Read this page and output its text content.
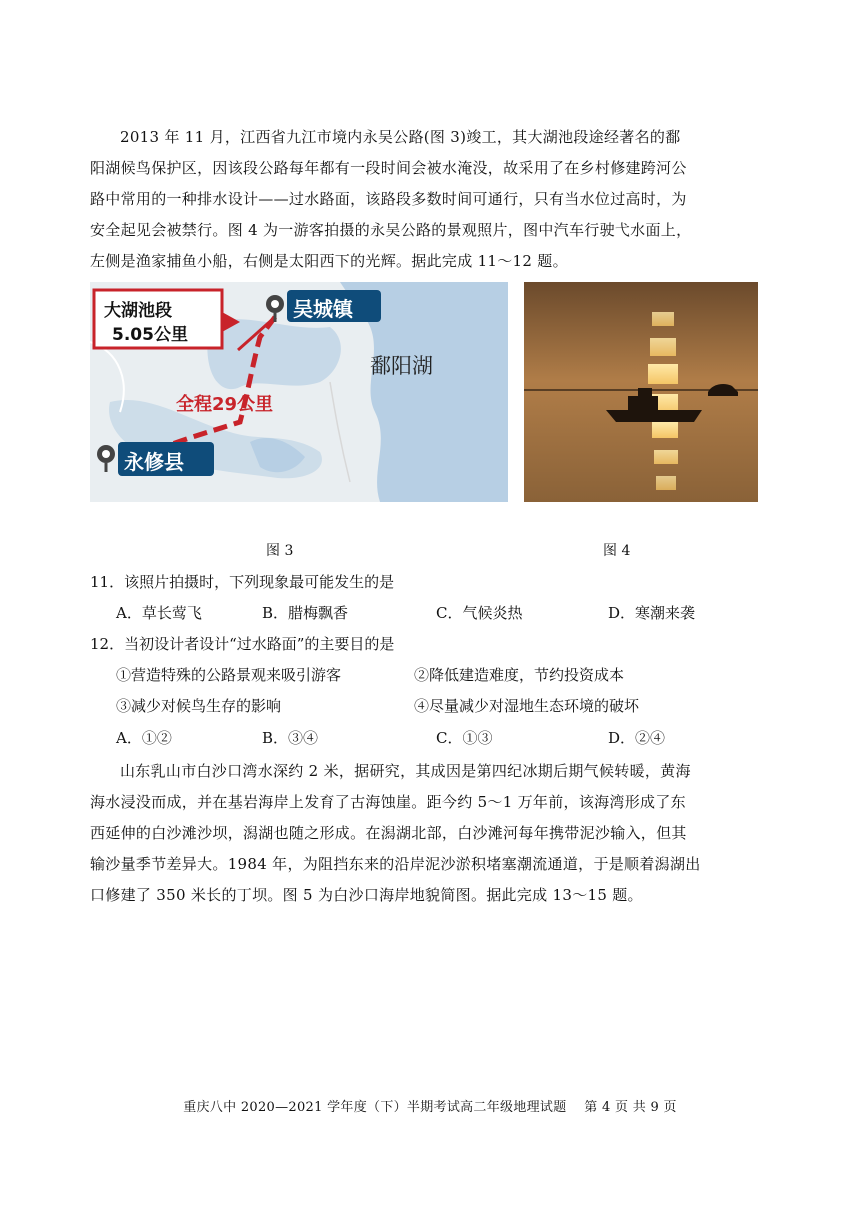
2013 年 11 月，江西省九江市境内永吴公路(图 3)竣工，其大湖池段途经著名的鄱
阳湖候鸟保护区，因该段公路每年都有一段时间会被水淹没，故采用了在乡村修建跨河公
路中常用的一种排水设计——过水路面，该路段多数时间可通行，只有当水位过高时，为
安全起见会被禁行。图 4 为一游客拍摄的永吴公路的景观照片，图中汽车行驶弋水面上，
左侧是渔家捕鱼小船，右侧是太阳西下的光辉。据此完成 11～12 题。
大湖池段
5.05公里
吴城镇
鄱阳湖
全程29公里
永修县
图 3	图 4
11．该照片拍摄时，下列现象最可能发生的是
A．草长莺飞	B．腊梅飘香	C．气候炎热	D．寒潮来袭
12．当初设计者设计“过水路面”的主要目的是
①营造特殊的公路景观来吸引游客	②降低建造难度，节约投资成本
③减少对候鸟生存的影响	④尽量减少对湿地生态环境的破坏
A．①②	B．③④	C．①③	D．②④
山东乳山市白沙口湾水深约 2 米，据研究，其成因是第四纪冰期后期气候转暖，黄海
海水浸没而成，并在基岩海岸上发育了古海蚀崖。距今约 5～1 万年前，该海湾形成了东
西延伸的白沙滩沙坝，潟湖也随之形成。在潟湖北部，白沙滩河每年携带泥沙输入，但其
输沙量季节差异大。1984 年，为阻挡东来的沿岸泥沙淤积堵塞潮流通道，于是顺着潟湖出
口修建了 350 米长的丁坝。图 5 为白沙口海岸地貌简图。据此完成 13～15 题。
重庆八中 2020—2021 学年度（下）半期考试高二年级地理试题    第 4 页 共 9 页
